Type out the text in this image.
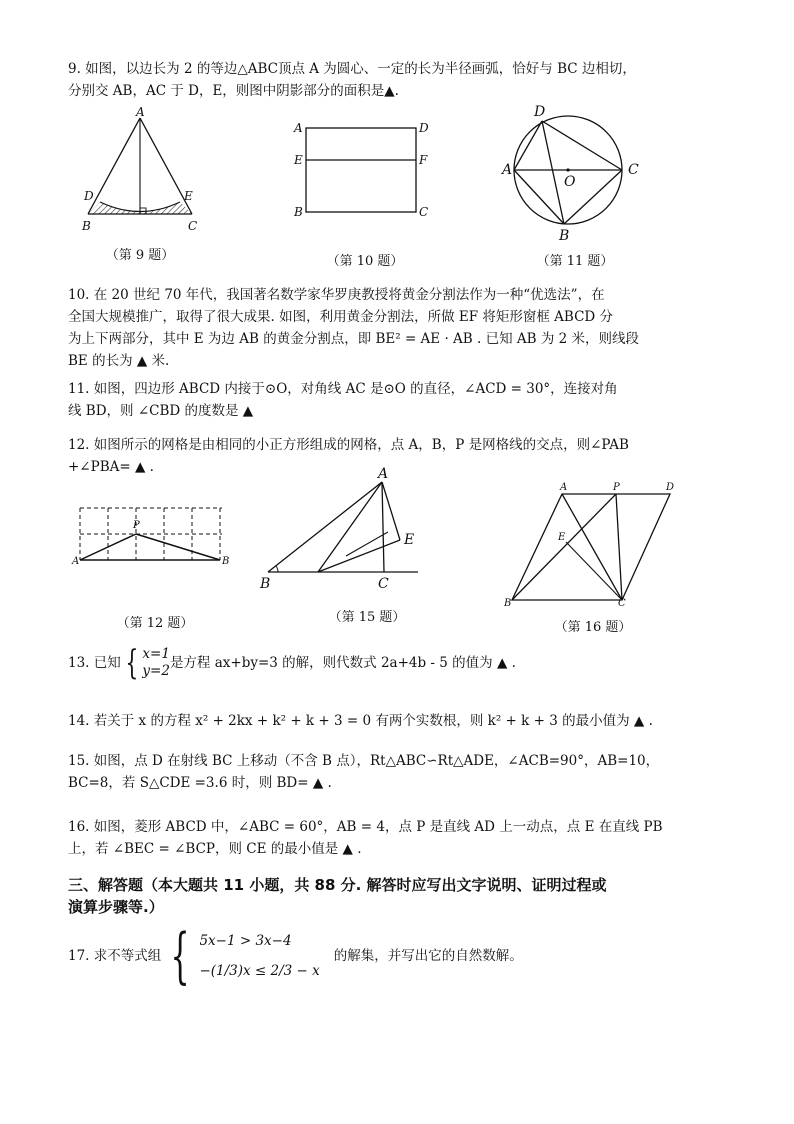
9. 如图，以边长为 2 的等边△ABC顶点 A 为圆心、一定的长为半径画弧，恰好与 BC 边相切，
分别交 AB，AC 于 D，E，则图中阴影部分的面积是▲.
A
B	C
D	E
（第 9 题）
A	D
E	F
B	C
（第 10 题）
D
A	C
O
B
（第 11 题）
10. 在 20 世纪 70 年代，我国著名数学家华罗庚教授将黄金分割法作为一种“优选法”，在
全国大规模推广，取得了很大成果. 如图，利用黄金分割法，所做 EF 将矩形窗框 ABCD 分
为上下两部分，其中 E 为边 AB 的黄金分割点，即 BE² = AE · AB . 已知 AB 为 2 米，则线段
BE 的长为 ▲ 米.
11. 如图，四边形 ABCD 内接于⊙O，对角线 AC 是⊙O 的直径，∠ACD = 30°，连接对角
线 BD，则 ∠CBD 的度数是 ▲
12. 如图所示的网格是由相同的小正方形组成的网格，点 A，B，P 是网格线的交点，则∠PAB
+∠PBA= ▲ .
P
A	B
（第 12 题）
A
B	C
E
（第 15 题）
A	P	D
E
B	C
（第 16 题）
13. 已知 { x=1
y=2 是方程 ax+by=3 的解，则代数式 2a+4b - 5 的值为 ▲ .
14. 若关于 x 的方程 x² + 2kx + k² + k + 3 = 0 有两个实数根，则 k² + k + 3 的最小值为 ▲ .
15. 如图，点 D 在射线 BC 上移动（不含 B 点），Rt△ABC∽Rt△ADE，∠ACB=90°，AB=10，
BC=8，若 S△CDE =3.6 时，则 BD= ▲ .
16. 如图，菱形 ABCD 中，∠ABC = 60°，AB = 4，点 P 是直线 AD 上一动点，点 E 在直线 PB
上，若 ∠BEC = ∠BCP，则 CE 的最小值是 ▲ .
三、解答题（本大题共 11 小题，共 88 分. 解答时应写出文字说明、证明过程或
演算步骤等.）
17. 求不等式组 { 5x−1 > 3x−4
−(1/3)x ≤ 2/3 − x
的解集，并写出它的自然数解。
